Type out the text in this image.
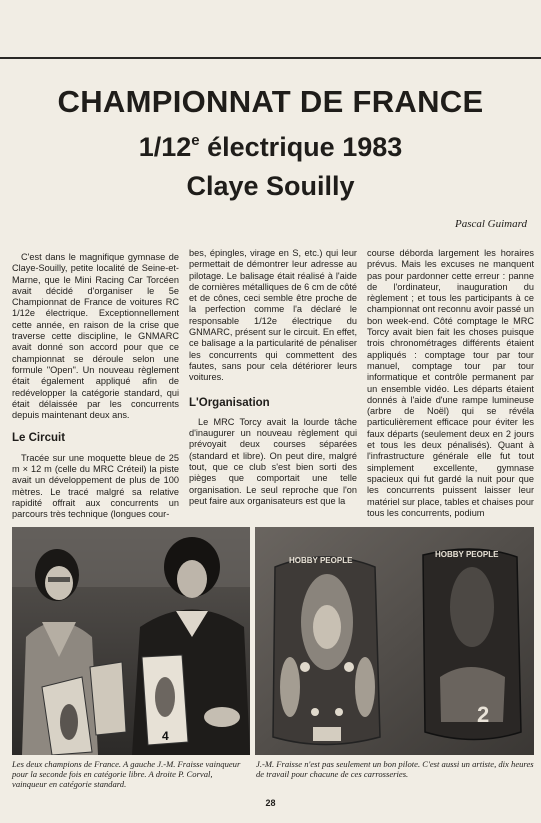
CHAMPIONNAT DE FRANCE
1/12e électrique 1983
Claye Souilly
Pascal Guimard

C'est dans le magnifique gymnase de Claye-Souilly, petite localité de Seine-et-Marne, que le Mini Racing Car Torcéen avait décidé d'organiser le 5e Championnat de France de voitures RC 1/12e électrique. Exceptionnellement cette année, en raison de la crise que traverse cette discipline, le GNMARC avait donné son accord pour que ce championnat se déroule selon une formule "Open". Un nouveau règlement était également appliqué afin de redévelopper la catégorie standard, qui était délaissée par les concurrents depuis maintenant deux ans.

Le Circuit

Tracée sur une moquette bleue de 25 m × 12 m (celle du MRC Créteil) la piste avait un développement de plus de 100 mètres. Le tracé malgré sa relative rapidité offrait aux concurrents un parcours très technique (longues cour-

bes, épingles, virage en S, etc.) qui leur permettait de démontrer leur adresse au pilotage. Le balisage était réalisé à l'aide de cornières métalliques de 6 cm de côté et de cônes, ceci semble être proche de la perfection comme l'a déclaré le responsable 1/12e électrique du GNMARC, présent sur le circuit. En effet, ce balisage a la particularité de pénaliser les concurrents qui commettent des fautes, sans pour cela détériorer leurs voitures.

L'Organisation

Le MRC Torcy avait la lourde tâche d'inaugurer un nouveau règlement qui prévoyait deux courses séparées (standard et libre). On peut dire, malgré tout, que ce club s'est bien sorti des pièges que comportait une telle organisation. Le seul reproche que l'on peut faire aux organisateurs est que la

course déborda largement les horaires prévus. Mais les excuses ne manquent pas pour pardonner cette erreur : panne de l'ordinateur, inauguration du règlement ; et tous les participants à ce championnat ont reconnu avoir passé un bon week-end. Côté comptage le MRC Torcy avait bien fait les choses puisque trois chronométrages différents étaient appliqués : comptage tour par tour manuel, comptage tour par tour informatique et contrôle permanent par un ensemble vidéo. Les départs étaient donnés à l'aide d'une rampe lumineuse (arbre de Noël) qui se révéla particulièrement efficace pour éviter les faux départs (seulement deux en 2 jours et tous les deux pénalisés). Quant à l'infrastructure générale elle fut tout simplement excellente, gymnase spacieux qui fut gardé la nuit pour que les concurrents puissent laisser leur matériel sur place, tables et chaises pour tous les concurrents, podium

4
HOBBY PEOPLE
2
HOBBY PEOPLE
Les deux champions de France. A gauche J.-M. Fraisse vainqueur pour la seconde fois en catégorie libre. A droite P. Corval, vainqueur en catégorie standard.
J.-M. Fraisse n'est pas seulement un bon pilote. C'est aussi un artiste, dix heures de travail pour chacune de ces carrosseries.
28
